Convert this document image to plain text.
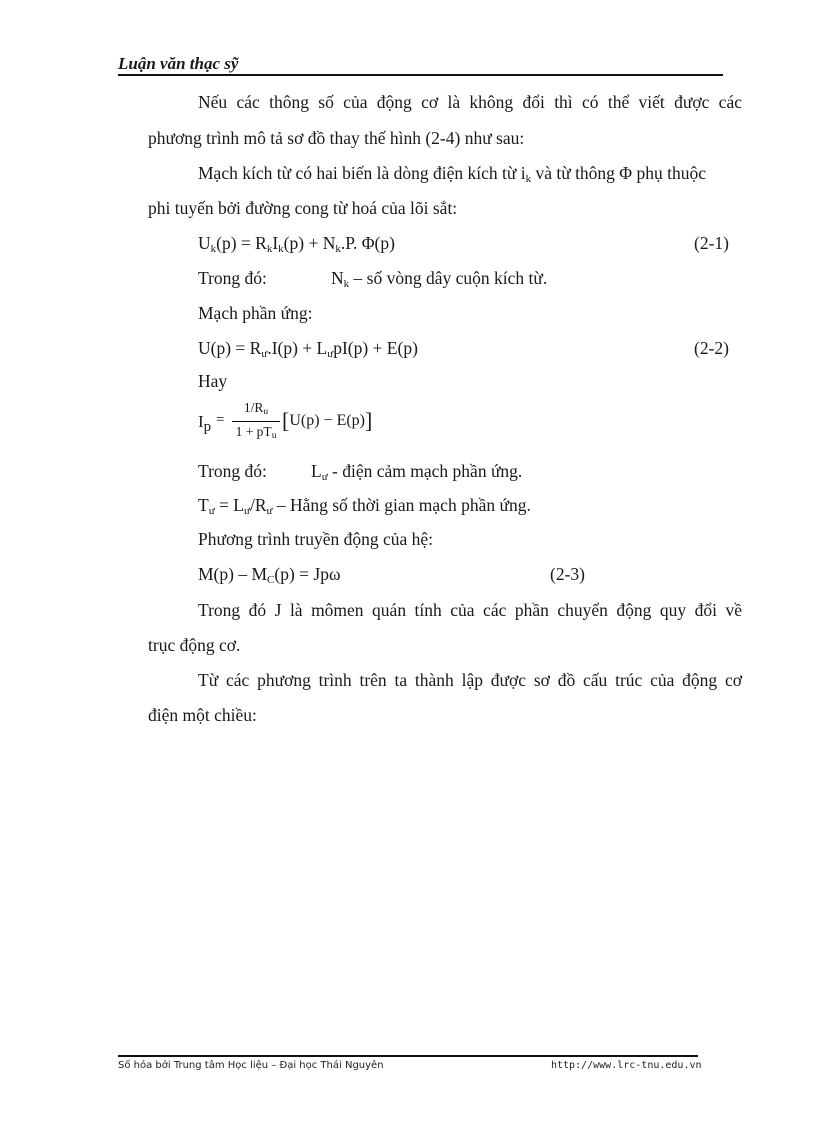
Luận văn thạc sỹ
Nếu các thông số của động cơ là không đổi thì có thể viết được các
phương trình mô tả sơ đồ thay thế hình (2-4) như sau:
Mạch kích từ có hai biến là dòng điện kích từ $i_k$ và từ thông Φ phụ thuộc
phi tuyến bởi đường cong từ hoá của lõi sắt:
$U_k(p) = R_kI_k(p) + N_k.P$. Φ(p)	(2-1)
Trong đó:	$N_k$ – số vòng dây cuộn kích từ.
Mạch phần ứng:
$U(p) = R_ư.I(p) + L_ưpI(p) + E(p)$	(2-2)
Hay
$I_p$ =
$1/R_u$
$1 + pT_u$
[U(p) − E(p)]
Trong đó:	$L_ư$ - điện cảm mạch phần ứng.
$T_ư = L_ư/R_ư$ – Hằng số thời gian mạch phần ứng.
Phương trình truyền động của hệ:
$M(p) - M_C(p) = Jp\omega$	(2-3)
Trong đó J là mômen quán tính của các phần chuyển động quy đổi về
trục động cơ.
Từ các phương trình trên ta thành lập được sơ đồ cấu trúc của động cơ
điện một chiều:
Số hóa bởi Trung tâm Học liệu – Đại học Thái Nguyên	http://www.lrc-tnu.edu.vn
